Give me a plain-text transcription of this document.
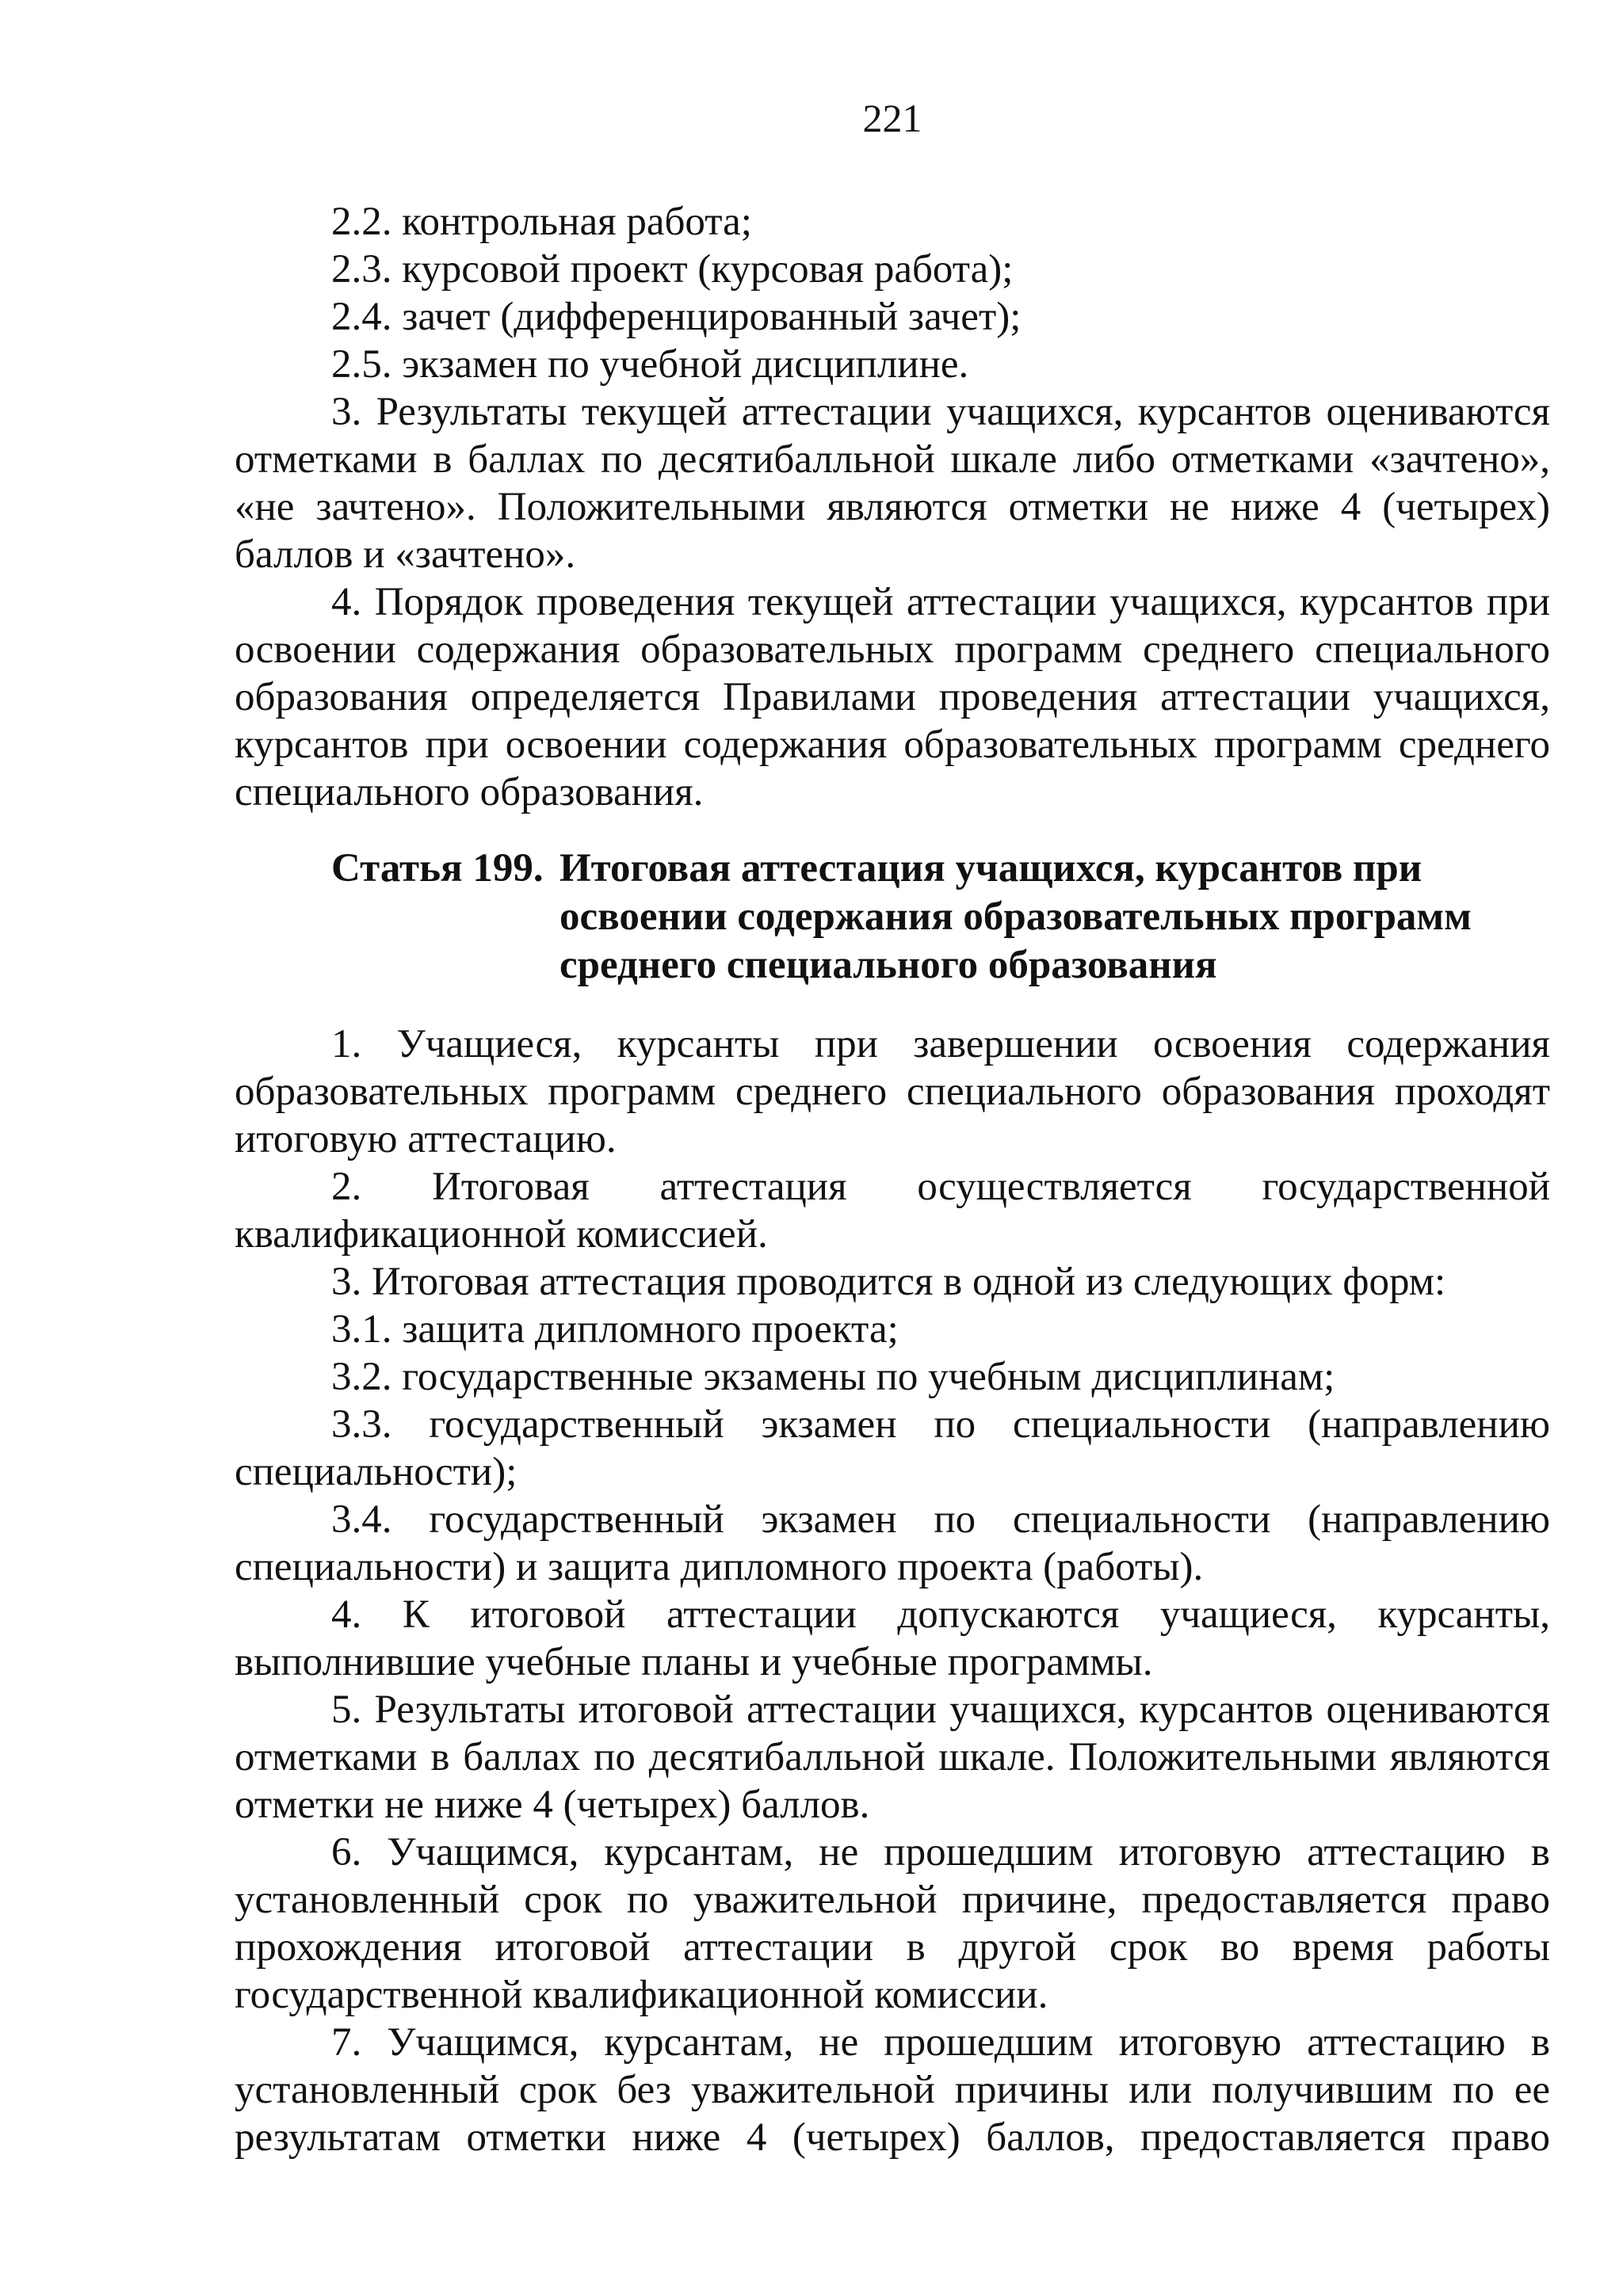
221

2.2. контрольная работа;

2.3. курсовой проект (курсовая работа);

2.4. зачет (дифференцированный зачет);

2.5. экзамен по учебной дисциплине.

3. Результаты текущей аттестации учащихся, курсантов оцениваются отметками в баллах по десятибалльной шкале либо отметками «зачтено», «не зачтено». Положительными являются отметки не ниже 4 (четырех) баллов и «зачтено».

4. Порядок проведения текущей аттестации учащихся, курсантов при освоении содержания образовательных программ среднего специального образования определяется Правилами проведения аттестации учащихся, курсантов при освоении содержания образовательных программ среднего специального образования.

Статья 199. Итоговая аттестация учащихся, курсантов при освоении содержания образовательных программ среднего специального образования

1. Учащиеся, курсанты при завершении освоения содержания образовательных программ среднего специального образования проходят итоговую аттестацию.

2. Итоговая аттестация осуществляется государственной квалификационной комиссией.

3. Итоговая аттестация проводится в одной из следующих форм:

3.1. защита дипломного проекта;

3.2. государственные экзамены по учебным дисциплинам;

3.3. государственный экзамен по специальности (направлению специальности);

3.4. государственный экзамен по специальности (направлению специальности) и защита дипломного проекта (работы).

4. К итоговой аттестации допускаются учащиеся, курсанты, выполнившие учебные планы и учебные программы.

5. Результаты итоговой аттестации учащихся, курсантов оцениваются отметками в баллах по десятибалльной шкале. Положительными являются отметки не ниже 4 (четырех) баллов.

6. Учащимся, курсантам, не прошедшим итоговую аттестацию в установленный срок по уважительной причине, предоставляется право прохождения итоговой аттестации в другой срок во время работы государственной квалификационной комиссии.

7. Учащимся, курсантам, не прошедшим итоговую аттестацию в установленный срок без уважительной причины или получившим по ее результатам отметки ниже 4 (четырех) баллов, предоставляется право
